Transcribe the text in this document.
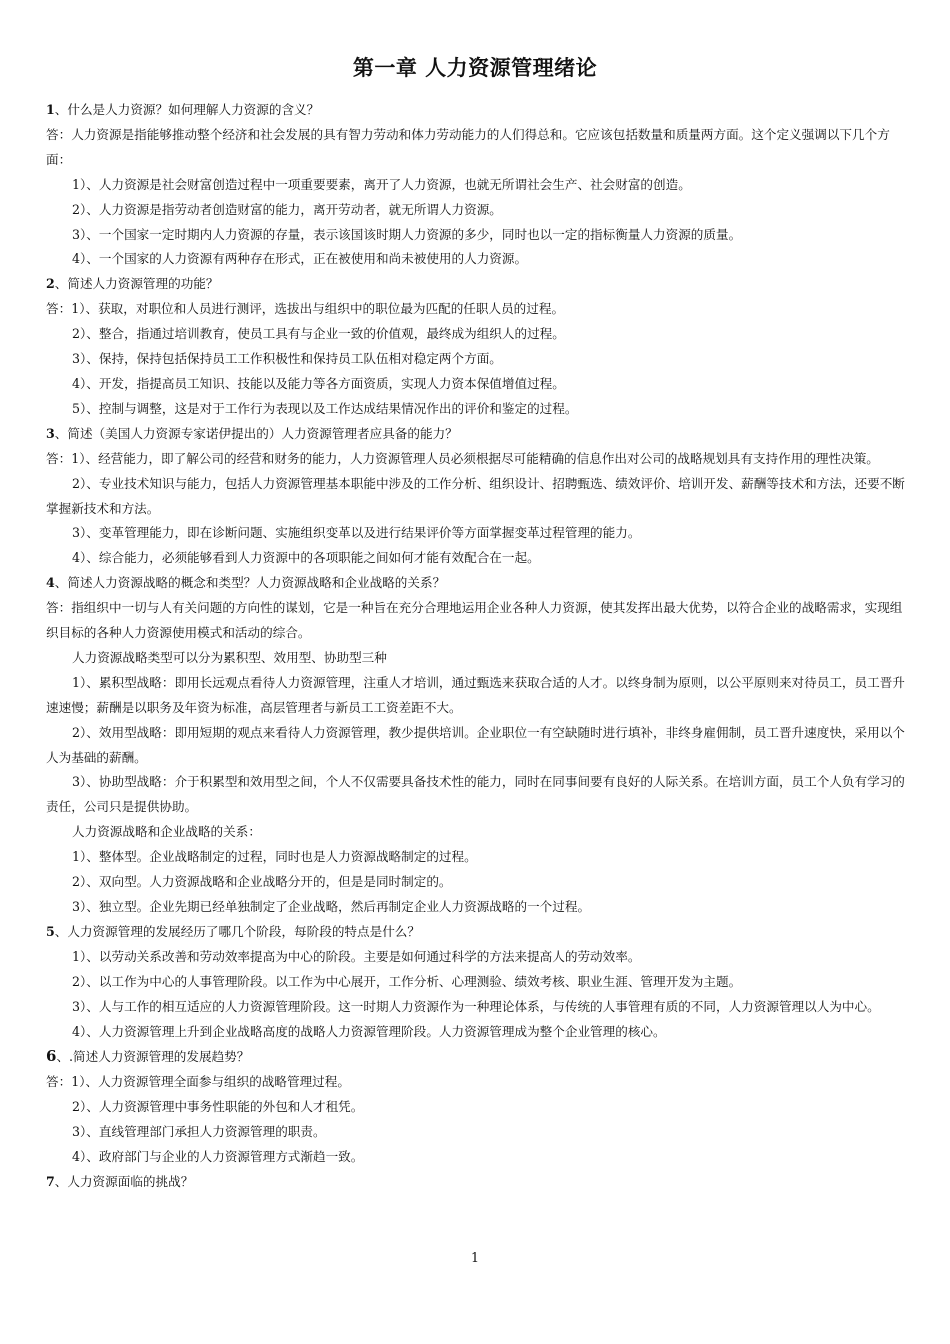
第一章 人力资源管理绪论

1、什么是人力资源？如何理解人力资源的含义？

答：人力资源是指能够推动整个经济和社会发展的具有智力劳动和体力劳动能力的人们得总和。它应该包括数量和质量两方面。这个定义强调以下几个方面：

1）、人力资源是社会财富创造过程中一项重要要素，离开了人力资源，也就无所谓社会生产、社会财富的创造。

2）、人力资源是指劳动者创造财富的能力，离开劳动者，就无所谓人力资源。

3）、一个国家一定时期内人力资源的存量，表示该国该时期人力资源的多少，同时也以一定的指标衡量人力资源的质量。

4）、一个国家的人力资源有两种存在形式，正在被使用和尚未被使用的人力资源。

2、简述人力资源管理的功能？

答：1）、获取，对职位和人员进行测评，选拔出与组织中的职位最为匹配的任职人员的过程。

2）、整合，指通过培训教育，使员工具有与企业一致的价值观，最终成为组织人的过程。

3）、保持，保持包括保持员工工作积极性和保持员工队伍相对稳定两个方面。

4）、开发，指提高员工知识、技能以及能力等各方面资质，实现人力资本保值增值过程。

5）、控制与调整，这是对于工作行为表现以及工作达成结果情况作出的评价和鉴定的过程。

3、简述（美国人力资源专家诺伊提出的）人力资源管理者应具备的能力？

答：1）、经营能力，即了解公司的经营和财务的能力，人力资源管理人员必须根据尽可能精确的信息作出对公司的战略规划具有支持作用的理性决策。

2）、专业技术知识与能力，包括人力资源管理基本职能中涉及的工作分析、组织设计、招聘甄选、绩效评价、培训开发、薪酬等技术和方法，还要不断掌握新技术和方法。

3）、变革管理能力，即在诊断问题、实施组织变革以及进行结果评价等方面掌握变革过程管理的能力。

4）、综合能力，必须能够看到人力资源中的各项职能之间如何才能有效配合在一起。

4、简述人力资源战略的概念和类型？人力资源战略和企业战略的关系？

答：指组织中一切与人有关问题的方向性的谋划，它是一种旨在充分合理地运用企业各种人力资源，使其发挥出最大优势，以符合企业的战略需求，实现组织目标的各种人力资源使用模式和活动的综合。

人力资源战略类型可以分为累积型、效用型、协助型三种

1）、累积型战略：即用长远观点看待人力资源管理，注重人才培训，通过甄选来获取合适的人才。以终身制为原则，以公平原则来对待员工，员工晋升速速慢；薪酬是以职务及年资为标准，高层管理者与新员工工资差距不大。

2）、效用型战略：即用短期的观点来看待人力资源管理，教少提供培训。企业职位一有空缺随时进行填补，非终身雇佣制，员工晋升速度快，采用以个人为基础的薪酬。

3）、协助型战略：介于积累型和效用型之间，个人不仅需要具备技术性的能力，同时在同事间要有良好的人际关系。在培训方面，员工个人负有学习的责任，公司只是提供协助。

人力资源战略和企业战略的关系：

1）、整体型。企业战略制定的过程，同时也是人力资源战略制定的过程。

2）、双向型。人力资源战略和企业战略分开的，但是是同时制定的。

3）、独立型。企业先期已经单独制定了企业战略，然后再制定企业人力资源战略的一个过程。

5、人力资源管理的发展经历了哪几个阶段，每阶段的特点是什么？

1）、以劳动关系改善和劳动效率提高为中心的阶段。主要是如何通过科学的方法来提高人的劳动效率。

2）、以工作为中心的人事管理阶段。以工作为中心展开，工作分析、心理测验、绩效考核、职业生涯、管理开发为主题。

3）、人与工作的相互适应的人力资源管理阶段。这一时期人力资源作为一种理论体系，与传统的人事管理有质的不同，人力资源管理以人为中心。

4）、人力资源管理上升到企业战略高度的战略人力资源管理阶段。人力资源管理成为整个企业管理的核心。

6、.简述人力资源管理的发展趋势？

答：1）、人力资源管理全面参与组织的战略管理过程。

2）、人力资源管理中事务性职能的外包和人才租凭。

3）、直线管理部门承担人力资源管理的职责。

4）、政府部门与企业的人力资源管理方式渐趋一致。

7、人力资源面临的挑战？

1
